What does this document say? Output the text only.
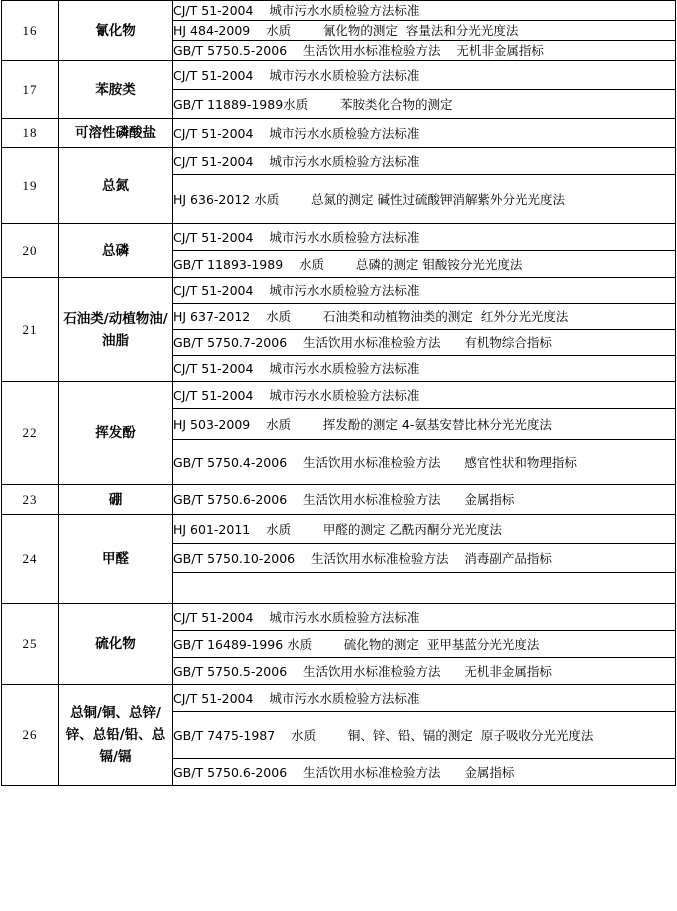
16	氰化物	CJ/T 51-2004    城市污水水质检验方法标准

		HJ 484-2009    水质        氰化物的测定  容量法和分光光度法

		GB/T 5750.5-2006    生活饮用水标准检验方法    无机非金属指标

17	苯胺类	CJ/T 51-2004    城市污水水质检验方法标准

		GB/T 11889-1989水质        苯胺类化合物的测定

18	可溶性磷酸盐	CJ/T 51-2004    城市污水水质检验方法标准

19	总氮	CJ/T 51-2004    城市污水水质检验方法标准

		HJ 636-2012 水质        总氮的测定 碱性过硫酸钾消解紫外分光光度法

20	总磷	CJ/T 51-2004    城市污水水质检验方法标准

		GB/T 11893-1989    水质        总磷的测定 钼酸铵分光光度法

21	石油类/动植物油/油脂	CJ/T 51-2004    城市污水水质检验方法标准

		HJ 637-2012    水质        石油类和动植物油类的测定  红外分光光度法

		GB/T 5750.7-2006    生活饮用水标准检验方法      有机物综合指标

		CJ/T 51-2004    城市污水水质检验方法标准

22	挥发酚	CJ/T 51-2004    城市污水水质检验方法标准

		HJ 503-2009    水质        挥发酚的测定 4-氨基安替比林分光光度法

		GB/T 5750.4-2006    生活饮用水标准检验方法      感官性状和物理指标

23	硼	GB/T 5750.6-2006    生活饮用水标准检验方法      金属指标

24	甲醛	HJ 601-2011    水质        甲醛的测定 乙酰丙酮分光光度法

		GB/T 5750.10-2006    生活饮用水标准检验方法    消毒副产品指标

25	硫化物	CJ/T 51-2004    城市污水水质检验方法标准

		GB/T 16489-1996 水质        硫化物的测定  亚甲基蓝分光光度法

		GB/T 5750.5-2006    生活饮用水标准检验方法      无机非金属指标

26	总铜/铜、总锌/锌、总铅/铅、总镉/镉	CJ/T 51-2004    城市污水水质检验方法标准

		GB/T 7475-1987    水质        铜、锌、铅、镉的测定  原子吸收分光光度法

		GB/T 5750.6-2006    生活饮用水标准检验方法      金属指标
